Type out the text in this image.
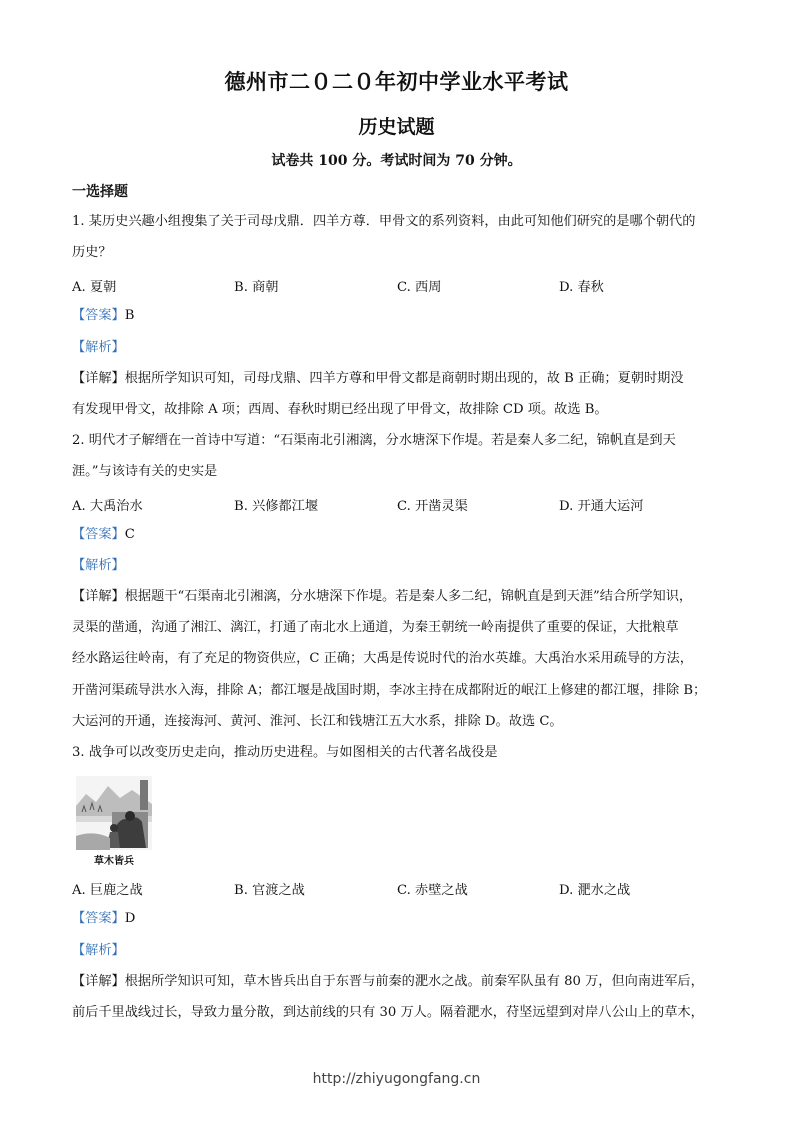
德州市二０二０年初中学业水平考试
历史试题
试卷共 100 分。考试时间为 70 分钟。
一选择题
1. 某历史兴趣小组搜集了关于司母戊鼎．四羊方尊．甲骨文的系列资料，由此可知他们研究的是哪个朝代的
历史？
A. 夏朝	B. 商朝	C. 西周	D. 春秋
【答案】B
【解析】
【详解】根据所学知识可知，司母戊鼎、四羊方尊和甲骨文都是商朝时期出现的，故 B 正确；夏朝时期没
有发现甲骨文，故排除 A 项；西周、春秋时期已经出现了甲骨文，故排除 CD 项。故选 B。
2. 明代才子解缙在一首诗中写道：“石渠南北引湘漓，分水塘深下作堤。若是秦人多二纪，锦帆直是到天
涯。”与该诗有关的史实是
A. 大禹治水	B. 兴修都江堰	C. 开凿灵渠	D. 开通大运河
【答案】C
【解析】
【详解】根据题干“石渠南北引湘漓，分水塘深下作堤。若是秦人多二纪，锦帆直是到天涯”结合所学知识，
灵渠的凿通，沟通了湘江、漓江，打通了南北水上通道，为秦王朝统一岭南提供了重要的保证，大批粮草
经水路运往岭南，有了充足的物资供应，C 正确；大禹是传说时代的治水英雄。大禹治水采用疏导的方法，
开凿河渠疏导洪水入海，排除 A；都江堰是战国时期，李冰主持在成都附近的岷江上修建的都江堰，排除 B；
大运河的开通，连接海河、黄河、淮河、长江和钱塘江五大水系，排除 D。故选 C。
3. 战争可以改变历史走向，推动历史进程。与如图相关的古代著名战役是
草木皆兵
A. 巨鹿之战	B. 官渡之战	C. 赤壁之战	D. 淝水之战
【答案】D
【解析】
【详解】根据所学知识可知，草木皆兵出自于东晋与前秦的淝水之战。前秦军队虽有 80 万，但向南进军后，
前后千里战线过长，导致力量分散，到达前线的只有 30 万人。隔着淝水，苻坚远望到对岸八公山上的草木，
http://zhiyugongfang.cn
